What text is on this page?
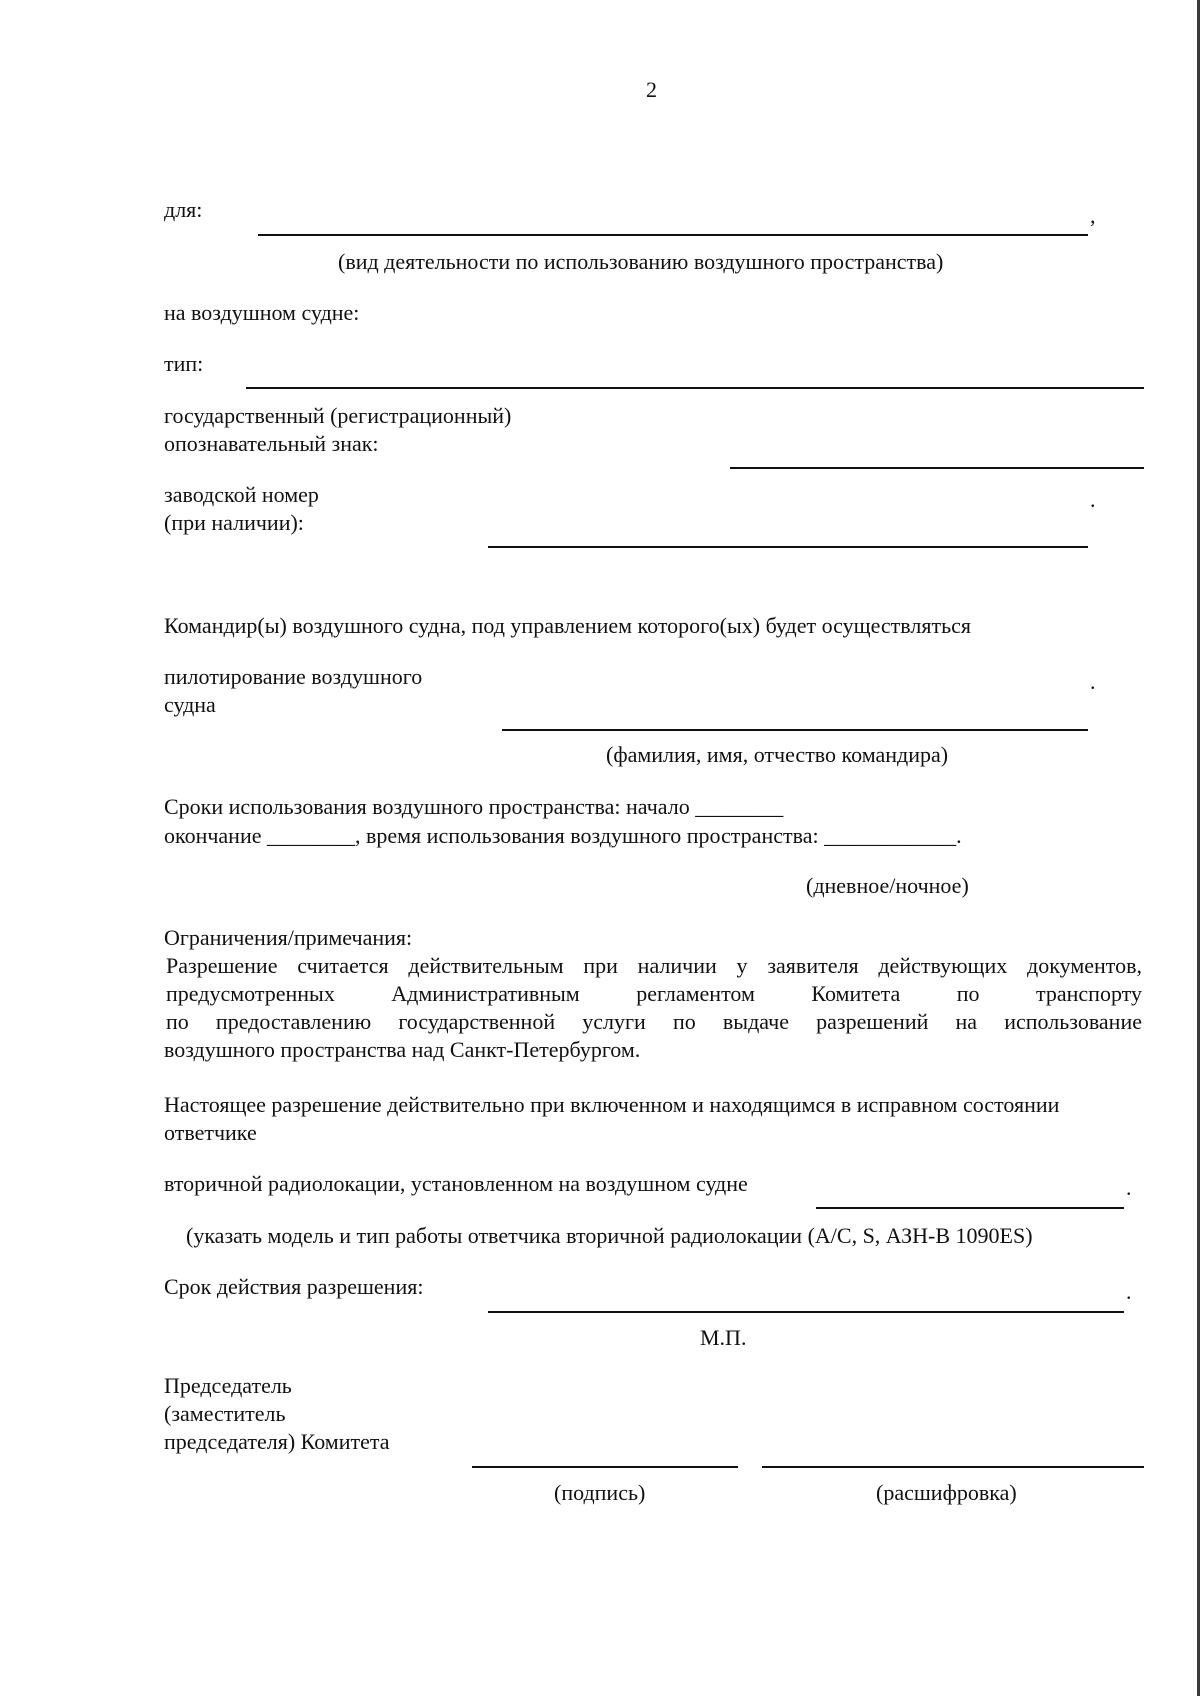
2
для:	,
(вид деятельности по использованию воздушного пространства)
на воздушном судне:
тип:
государственный (регистрационный)
опознавательный знак:
заводской номер
(при наличии):
.
Командир(ы) воздушного судна, под управлением которого(ых) будет осуществляться
пилотирование воздушного
судна
.
(фамилия, имя, отчество командира)
Сроки использования воздушного пространства: начало ________
окончание ________, время использования воздушного пространства: ____________.
(дневное/ночное)
Ограничения/примечания:
Разрешение считается действительным при наличии у заявителя действующих документов,
предусмотренных Административным регламентом Комитета по транспорту
по предоставлению государственной услуги по выдаче разрешений на использование
воздушного пространства над Санкт-Петербургом.
Настоящее разрешение действительно при включенном и находящимся в исправном состоянии
ответчике
вторичной радиолокации, установленном на воздушном судне	.
(указать модель и тип работы ответчика вторичной радиолокации (A/C, S, АЗН-В 1090ES)
Срок действия разрешения:	.
М.П.
Председатель
(заместитель
председателя) Комитета
(подпись)	(расшифровка)
